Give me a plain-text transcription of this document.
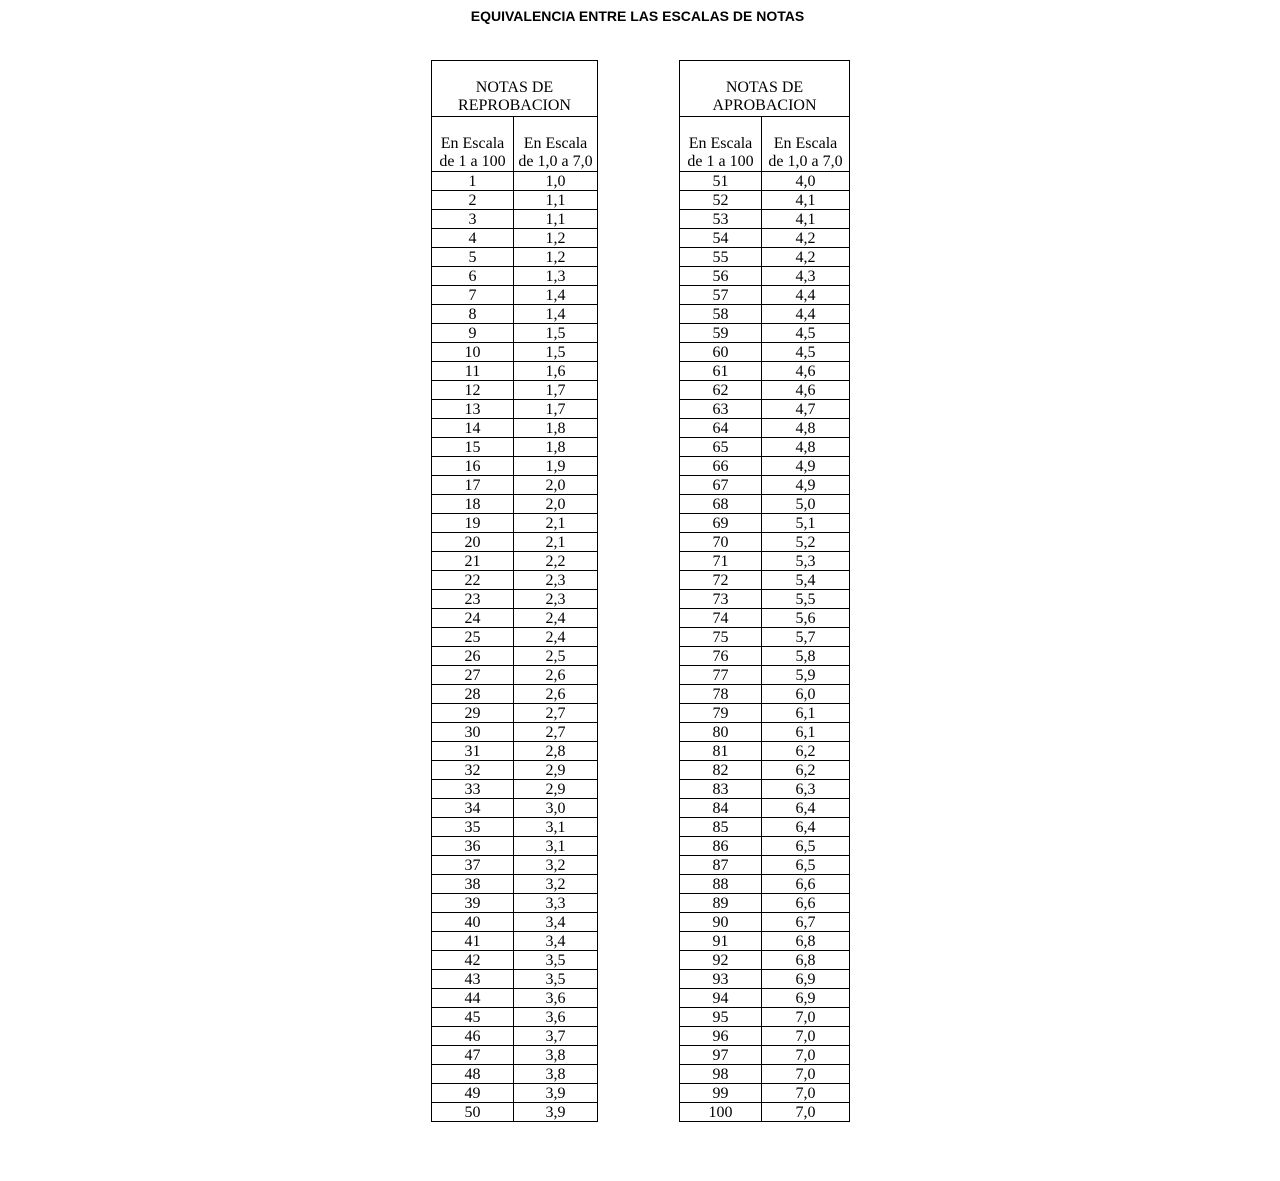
EQUIVALENCIA ENTRE LAS ESCALAS DE NOTAS
NOTAS DE
REPROBACION	

En Escala
de 1 a 100	En Escala
de 1,0 a 7,0

1	1,0
2	1,1
3	1,1
4	1,2
5	1,2
6	1,3
7	1,4
8	1,4
9	1,5
10	1,5
11	1,6
12	1,7
13	1,7
14	1,8
15	1,8
16	1,9
17	2,0
18	2,0
19	2,1
20	2,1
21	2,2
22	2,3
23	2,3
24	2,4
25	2,4
26	2,5
27	2,6
28	2,6
29	2,7
30	2,7
31	2,8
32	2,9
33	2,9
34	3,0
35	3,1
36	3,1
37	3,2
38	3,2
39	3,3
40	3,4
41	3,4
42	3,5
43	3,5
44	3,6
45	3,6
46	3,7
47	3,8
48	3,8
49	3,9
50	3,9
NOTAS DE
APROBACION	

En Escala
de 1 a 100	En Escala
de 1,0 a 7,0

51	4,0
52	4,1
53	4,1
54	4,2
55	4,2
56	4,3
57	4,4
58	4,4
59	4,5
60	4,5
61	4,6
62	4,6
63	4,7
64	4,8
65	4,8
66	4,9
67	4,9
68	5,0
69	5,1
70	5,2
71	5,3
72	5,4
73	5,5
74	5,6
75	5,7
76	5,8
77	5,9
78	6,0
79	6,1
80	6,1
81	6,2
82	6,2
83	6,3
84	6,4
85	6,4
86	6,5
87	6,5
88	6,6
89	6,6
90	6,7
91	6,8
92	6,8
93	6,9
94	6,9
95	7,0
96	7,0
97	7,0
98	7,0
99	7,0
100	7,0
